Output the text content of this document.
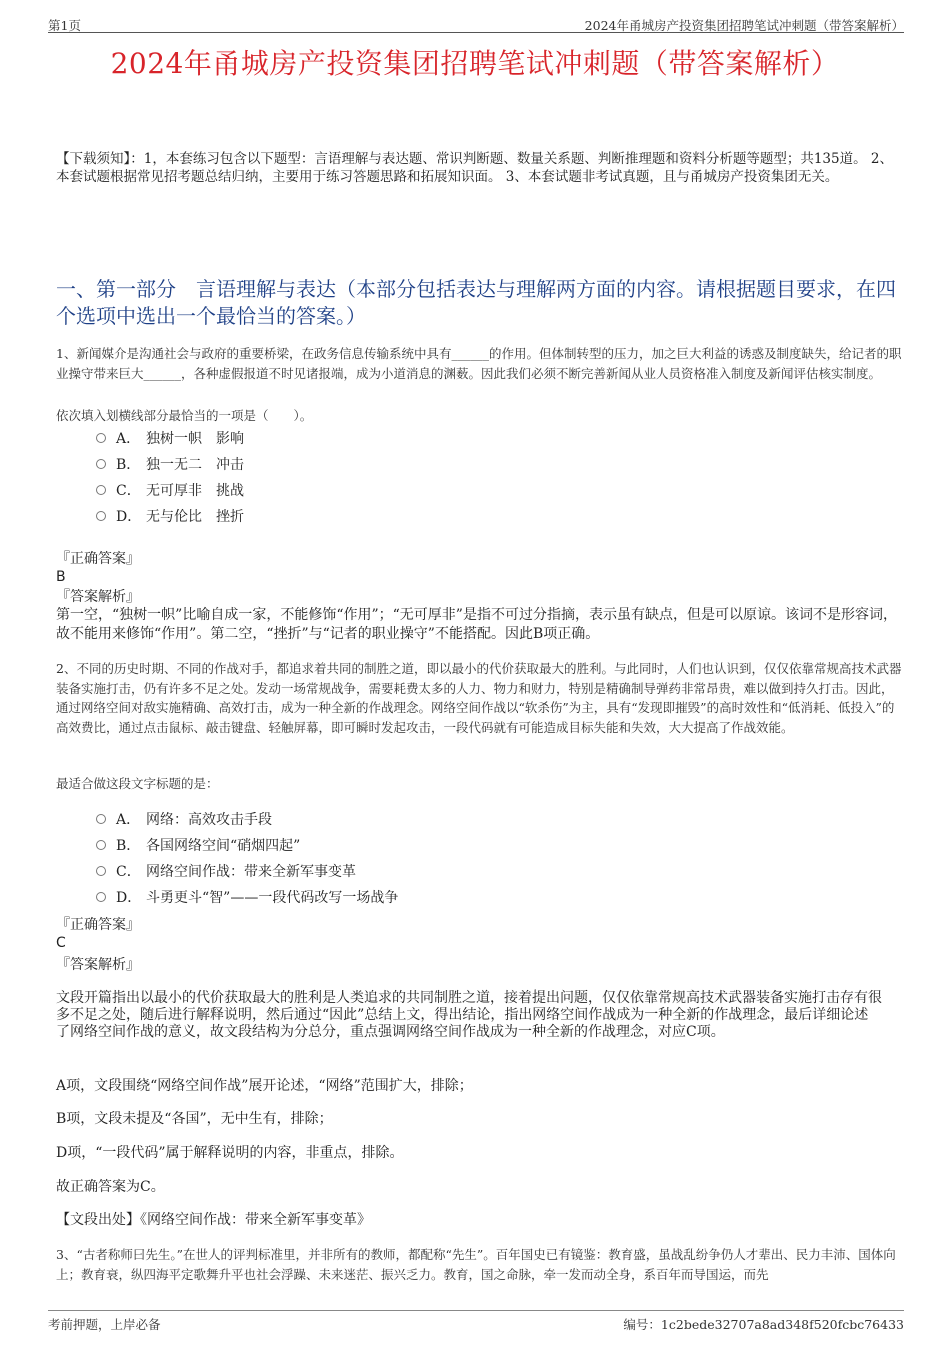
第1页	2024年甬城房产投资集团招聘笔试冲刺题（带答案解析）
2024年甬城房产投资集团招聘笔试冲刺题（带答案解析）
【下载须知】：1，本套练习包含以下题型：言语理解与表达题、常识判断题、数量关系题、判断推理题和资料分析题等题型；共135道。 2、本套试题根据常见招考题总结归纳，主要用于练习答题思路和拓展知识面。 3、本套试题非考试真题，且与甬城房产投资集团无关。
一、第一部分　言语理解与表达（本部分包括表达与理解两方面的内容。请根据题目要求，在四个选项中选出一个最恰当的答案。）
1、新闻媒介是沟通社会与政府的重要桥梁，在政务信息传输系统中具有______的作用。但体制转型的压力，加之巨大利益的诱惑及制度缺失，给记者的职业操守带来巨大______，各种虚假报道不时见诸报端，成为小道消息的渊薮。因此我们必须不断完善新闻从业人员资格准入制度及新闻评估核实制度。
依次填入划横线部分最恰当的一项是（　　）。
A． 独树一帜　影响
B． 独一无二　冲击
C． 无可厚非　挑战
D． 无与伦比　挫折
『正确答案』
B
『答案解析』
第一空，“独树一帜”比喻自成一家，不能修饰“作用”；“无可厚非”是指不可过分指摘，表示虽有缺点，但是可以原谅。该词不是形容词，故不能用来修饰“作用”。第二空，“挫折”与“记者的职业操守”不能搭配。因此B项正确。
2、不同的历史时期、不同的作战对手，都追求着共同的制胜之道，即以最小的代价获取最大的胜利。与此同时，人们也认识到，仅仅依靠常规高技术武器装备实施打击，仍有许多不足之处。发动一场常规战争，需要耗费太多的人力、物力和财力，特别是精确制导弹药非常昂贵，难以做到持久打击。因此，通过网络空间对敌实施精确、高效打击，成为一种全新的作战理念。网络空间作战以“软杀伤”为主，具有“发现即摧毁”的高时效性和“低消耗、低投入”的高效费比，通过点击鼠标、敲击键盘、轻触屏幕，即可瞬时发起攻击，一段代码就有可能造成目标失能和失效，大大提高了作战效能。
最适合做这段文字标题的是：
A． 网络：高效攻击手段
B． 各国网络空间“硝烟四起”
C． 网络空间作战：带来全新军事变革
D． 斗勇更斗“智”——一段代码改写一场战争
『正确答案』
C
『答案解析』

文段开篇指出以最小的代价获取最大的胜利是人类追求的共同制胜之道，接着提出问题，仅仅依靠常规高技术武器装备实施打击存有很多不足之处，随后进行解释说明，然后通过“因此”总结上文，得出结论，指出网络空间作战成为一种全新的作战理念，最后详细论述了网络空间作战的意义，故文段结构为分总分，重点强调网络空间作战成为一种全新的作战理念，对应C项。

A项，文段围绕“网络空间作战”展开论述，“网络”范围扩大，排除；

B项，文段未提及“各国”，无中生有，排除；

D项，“一段代码”属于解释说明的内容，非重点，排除。

故正确答案为C。

【文段出处】《网络空间作战：带来全新军事变革》

3、“古者称师曰先生。”在世人的评判标准里，并非所有的教师，都配称“先生”。百年国史已有镜鉴：教育盛，虽战乱纷争仍人才辈出、民力丰沛、国体向上；教育衰，纵四海平定歌舞升平也社会浮躁、未来迷茫、振兴乏力。教育，国之命脉，牵一发而动全身，系百年而导国运，而先
考前押题，上岸必备	编号：1c2bede32707a8ad348f520fcbc76433
